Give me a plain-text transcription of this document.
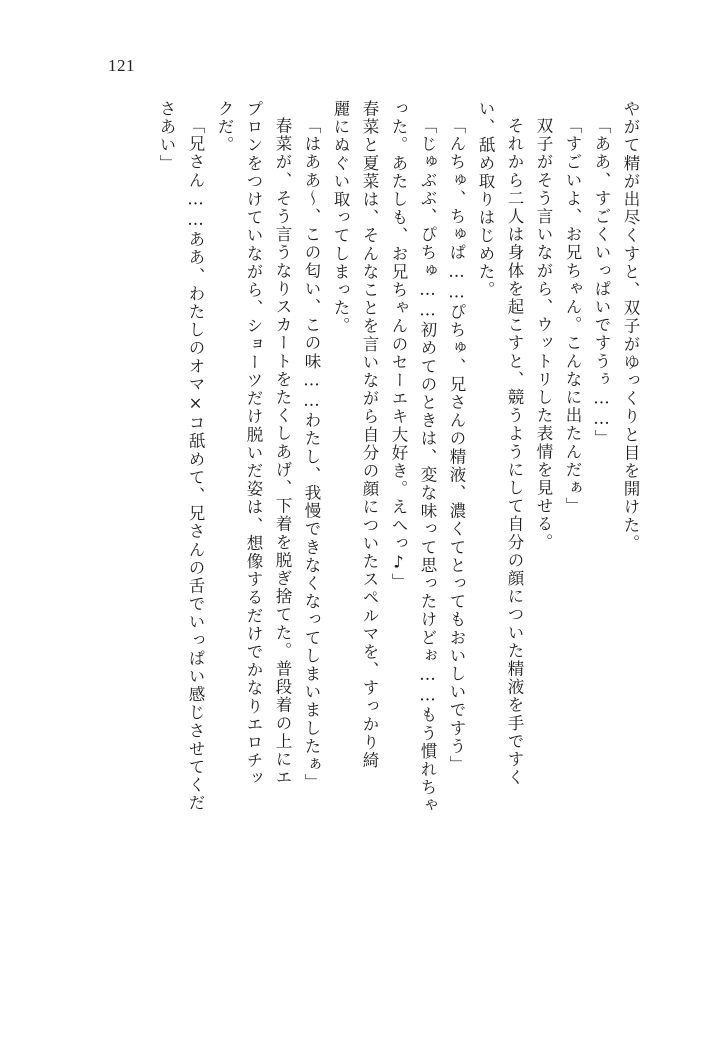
121
やがて精が出尽くすと、双子がゆっくりと目を開けた。
「ああ、すごくいっぱいですうぅ……」
「すごいよ、お兄ちゃん。こんなに出たんだぁ」
双子がそう言いながら、ウットリした表情を見せる。
それから二人は身体を起こすと、競うようにして自分の顔についた精液を手ですく
い、舐め取りはじめた。
「んちゅ、ちゅぱ……ぴちゅ、兄さんの精液、濃くてとってもおいしいですう」
「じゅぶぶ、ぴちゅ……初めてのときは、変な味って思ったけどぉ……もう慣れちゃ
った。あたしも、お兄ちゃんのセーエキ大好き。えへっ♪」
春菜と夏菜は、そんなことを言いながら自分の顔についたスペルマを、すっかり綺
麗にぬぐい取ってしまった。
「はああ～、この匂い、この味……わたし、我慢できなくなってしまいましたぁ」
春菜が、そう言うなりスカートをたくしあげ、下着を脱ぎ捨てた。普段着の上にエ
プロンをつけていながら、ショーツだけ脱いだ姿は、想像するだけでかなりエロチッ
クだ。
「兄さん……ああ、わたしのオマ×コ舐めて、兄さんの舌でいっぱい感じさせてくだ
さあい」
